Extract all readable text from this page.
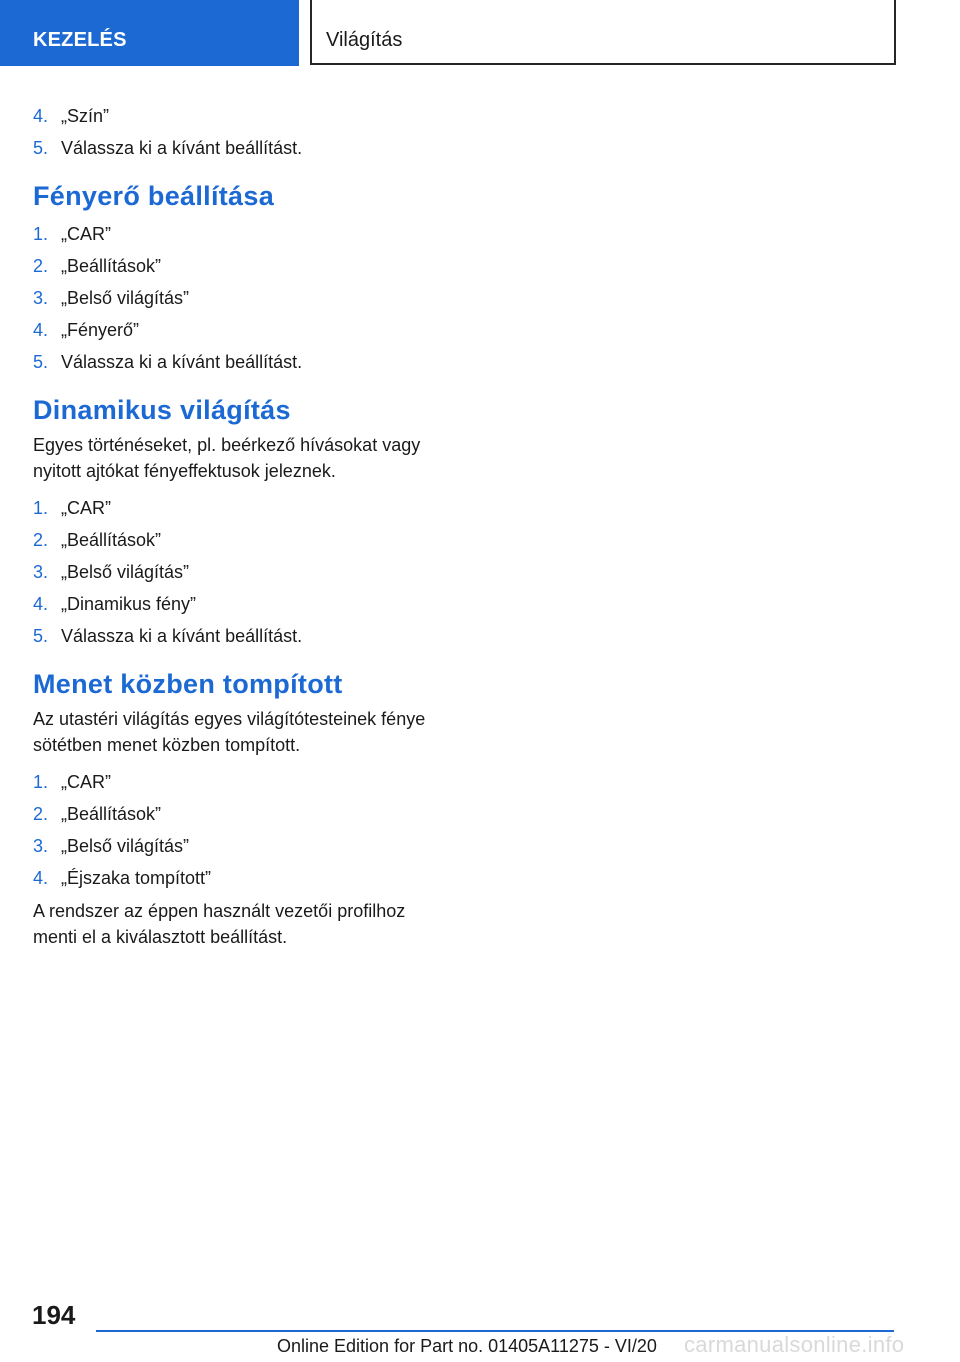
KEZELÉS	Világítás
4. „Szín”
5. Válassza ki a kívánt beállítást.
Fényerő beállítása
1. „CAR”
2. „Beállítások”
3. „Belső világítás”
4. „Fényerő”
5. Válassza ki a kívánt beállítást.
Dinamikus világítás

Egyes történéseket, pl. beérkező hívásokat vagy nyitott ajtókat fényeffektusok jeleznek.

1. „CAR”
2. „Beállítások”
3. „Belső világítás”
4. „Dinamikus fény”
5. Válassza ki a kívánt beállítást.
Menet közben tompított

Az utastéri világítás egyes világítótesteinek fénye sötétben menet közben tompított.

1. „CAR”
2. „Beállítások”
3. „Belső világítás”
4. „Éjszaka tompított”

A rendszer az éppen használt vezetői profilhoz menti el a kiválasztott beállítást.

194
Online Edition for Part no. 01405A11275 - VI/20 carmanualsonline.info
